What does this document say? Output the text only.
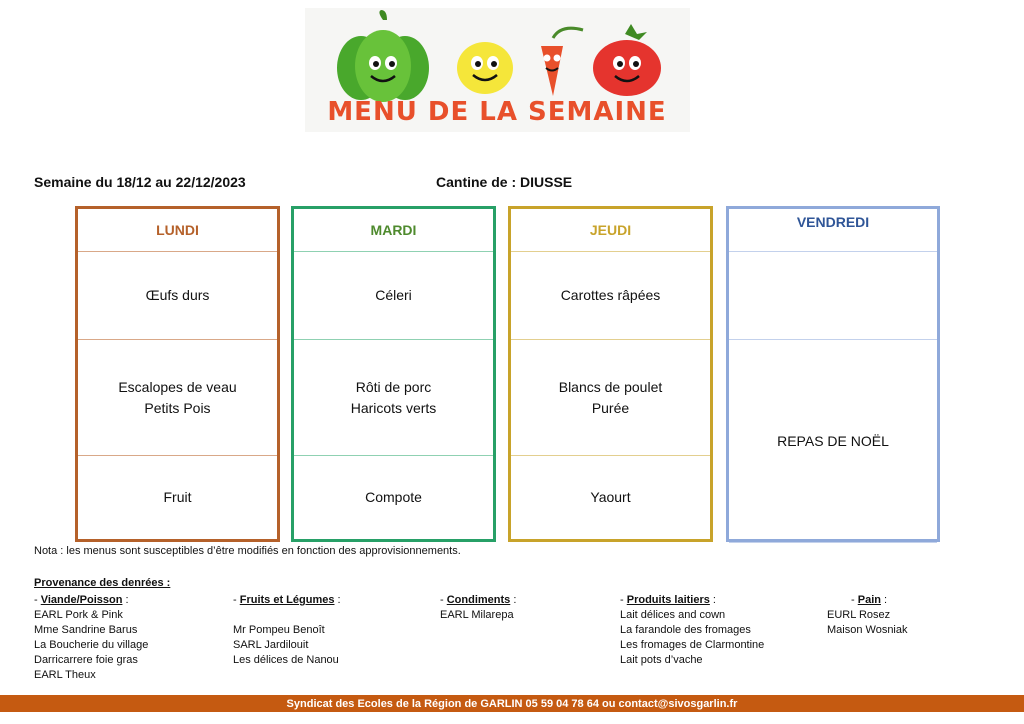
MENU DE LA SEMAINE
Semaine du 18/12 au 22/12/2023	Cantine de : DIUSSE
LUNDI
Œufs durs
Escalopes de veau
Petits Pois
Fruit
MARDI
Céleri
Rôti de porc
Haricots verts
Compote
JEUDI
Carottes râpées
Blancs de poulet
Purée
Yaourt
VENDREDI
REPAS DE NOËL
Nota : les menus sont susceptibles d’être modifiés en fonction des approvisionnements.
Provenance des denrées :
- Viande/Poisson :
EARL Pork & Pink
Mme Sandrine Barus
La Boucherie du village
Darricarrere foie gras
EARL Theux
- Fruits et Légumes :

Mr Pompeu Benoît
SARL Jardilouit
Les délices de Nanou
- Condiments :
EARL Milarepa
- Produits laitiers :
Lait délices and cown
La farandole des fromages
Les fromages de Clarmontine
Lait pots d’vache
- Pain :
EURL Rosez
Maison Wosniak
Syndicat des Ecoles de la Région de GARLIN 05 59 04 78 64 ou contact@sivosgarlin.fr
